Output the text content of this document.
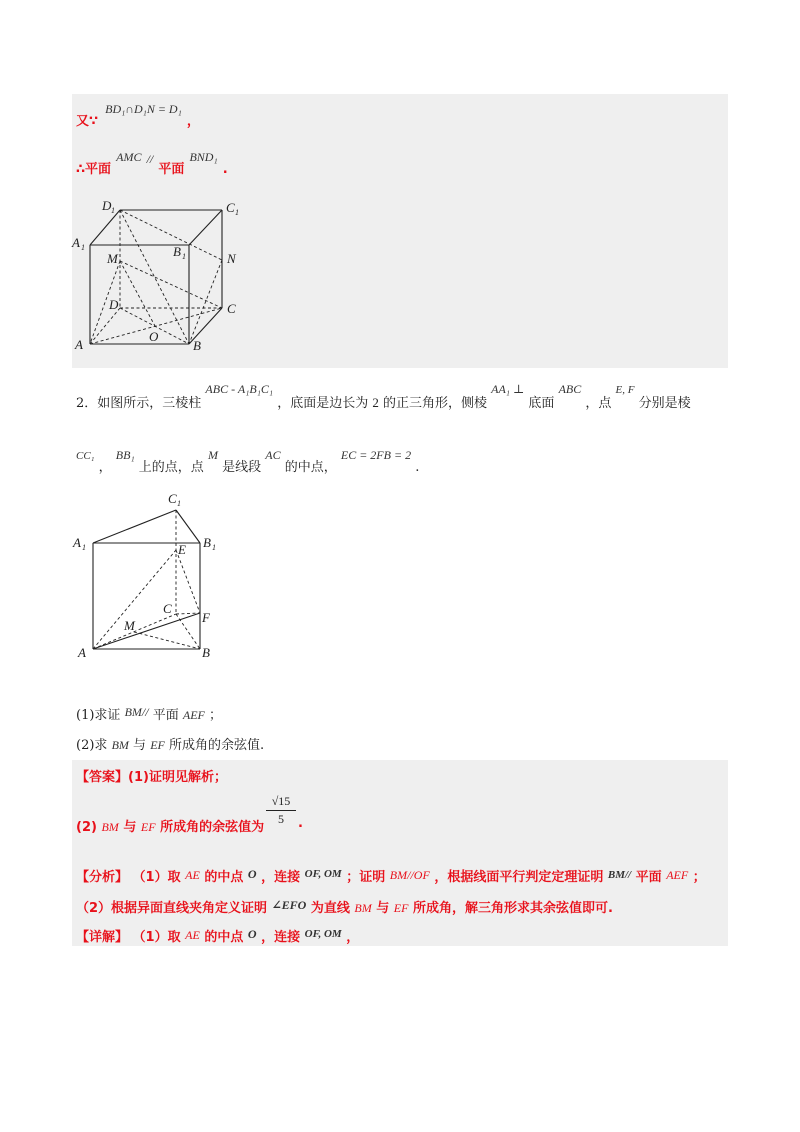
$_{又\because}$ BD₁∩D₁N = D₁ $_,$
$_{\therefore 平面}$ AMC // $_{平面}$ BND₁ $_.$
D 1	C 1
A 1	B 1
M	N
D	C
A
O
B
2．如图所示，三棱柱 ABC - A₁B₁C₁ ，底面是边长为 2 的正三角形，侧棱 AA₁ ⊥ 底面 ABC ，点 E, F 分别是棱
CC₁ ， BB₁ 上的点，点 M 是线段 AC 的中点， EC = 2FB = 2 .
C 1
A 1	B 1
E
C
F
M
A	B
(1)求证 BM// 平面 AEF ；
(2)求 BM 与 EF 所成角的余弦值.
【答案】(1)证明见解析；
(2) BM 与 EF 所成角的余弦值为
$\frac{√15}{5}$ .
【分析】 （1）取 AE 的中点 O ，连接 $^{OF, OM}$ ；证明 BM//OF ，根据线面平行判定定理证明 $^{BM//}$ 平面 AEF ；
（2）根据异面直线夹角定义证明 ∠EFO 为直线 BM 与 EF 所成角，解三角形求其余弦值即可.
【详解】 （1）取 AE 的中点 O ，连接 $^{OF, OM}$ ，
